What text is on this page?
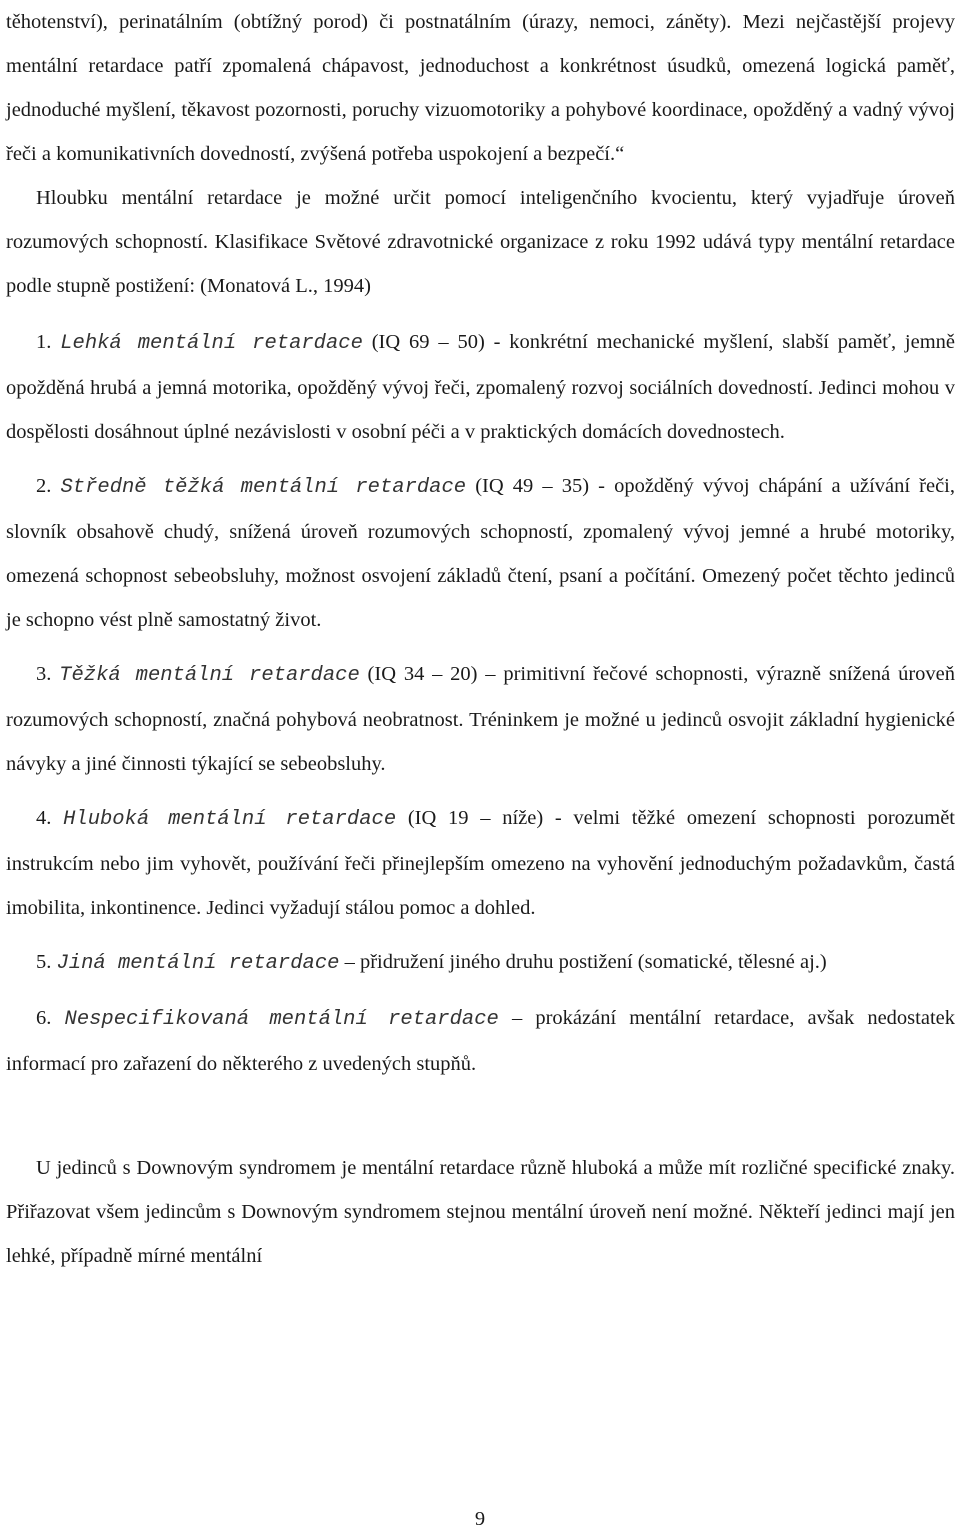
těhotenství), perinatálním (obtížný porod) či postnatálním (úrazy, nemoci, záněty). Mezi nejčastější projevy mentální retardace patří zpomalená chápavost, jednoduchost a konkrétnost úsudků, omezená logická paměť, jednoduché myšlení, těkavost pozornosti, poruchy vizuomotoriky a pohybové koordinace, opožděný a vadný vývoj řeči a komunikativních dovedností, zvýšená potřeba uspokojení a bezpečí.“

Hloubku mentální retardace je možné určit pomocí inteligenčního kvocientu, který vyjadřuje úroveň rozumových schopností. Klasifikace Světové zdravotnické organizace z roku 1992 udává typy mentální retardace podle stupně postižení: (Monatová L., 1994)

1. Lehká mentální retardace (IQ 69 – 50) - konkrétní mechanické myšlení, slabší paměť, jemně opožděná hrubá a jemná motorika, opožděný vývoj řeči, zpomalený rozvoj sociálních dovedností. Jedinci mohou v dospělosti dosáhnout úplné nezávislosti v osobní péči a v praktických domácích dovednostech.

2. Středně těžká mentální retardace (IQ 49 – 35) - opožděný vývoj chápání a užívání řeči, slovník obsahově chudý, snížená úroveň rozumových schopností, zpomalený vývoj jemné a hrubé motoriky, omezená schopnost sebeobsluhy, možnost osvojení základů čtení, psaní a počítání. Omezený počet těchto jedinců je schopno vést plně samostatný život.

3. Těžká mentální retardace (IQ 34 – 20) – primitivní řečové schopnosti, výrazně snížená úroveň rozumových schopností, značná pohybová neobratnost. Tréninkem je možné u jedinců osvojit základní hygienické návyky a jiné činnosti týkající se sebeobsluhy.

4. Hluboká mentální retardace (IQ 19 – níže) - velmi těžké omezení schopnosti porozumět instrukcím nebo jim vyhovět, používání řeči přinejlepším omezeno na vyhovění jednoduchým požadavkům, častá imobilita, inkontinence. Jedinci vyžadují stálou pomoc a dohled.

5. Jiná mentální retardace – přidružení jiného druhu postižení (somatické, tělesné aj.)

6. Nespecifikovaná mentální retardace – prokázání mentální retardace, avšak nedostatek informací pro zařazení do některého z uvedených stupňů.

U jedinců s Downovým syndromem je mentální retardace různě hluboká a může mít rozličné specifické znaky. Přiřazovat všem jedincům s Downovým syndromem stejnou mentální úroveň není možné. Někteří jedinci mají jen lehké, případně mírné mentální

9
